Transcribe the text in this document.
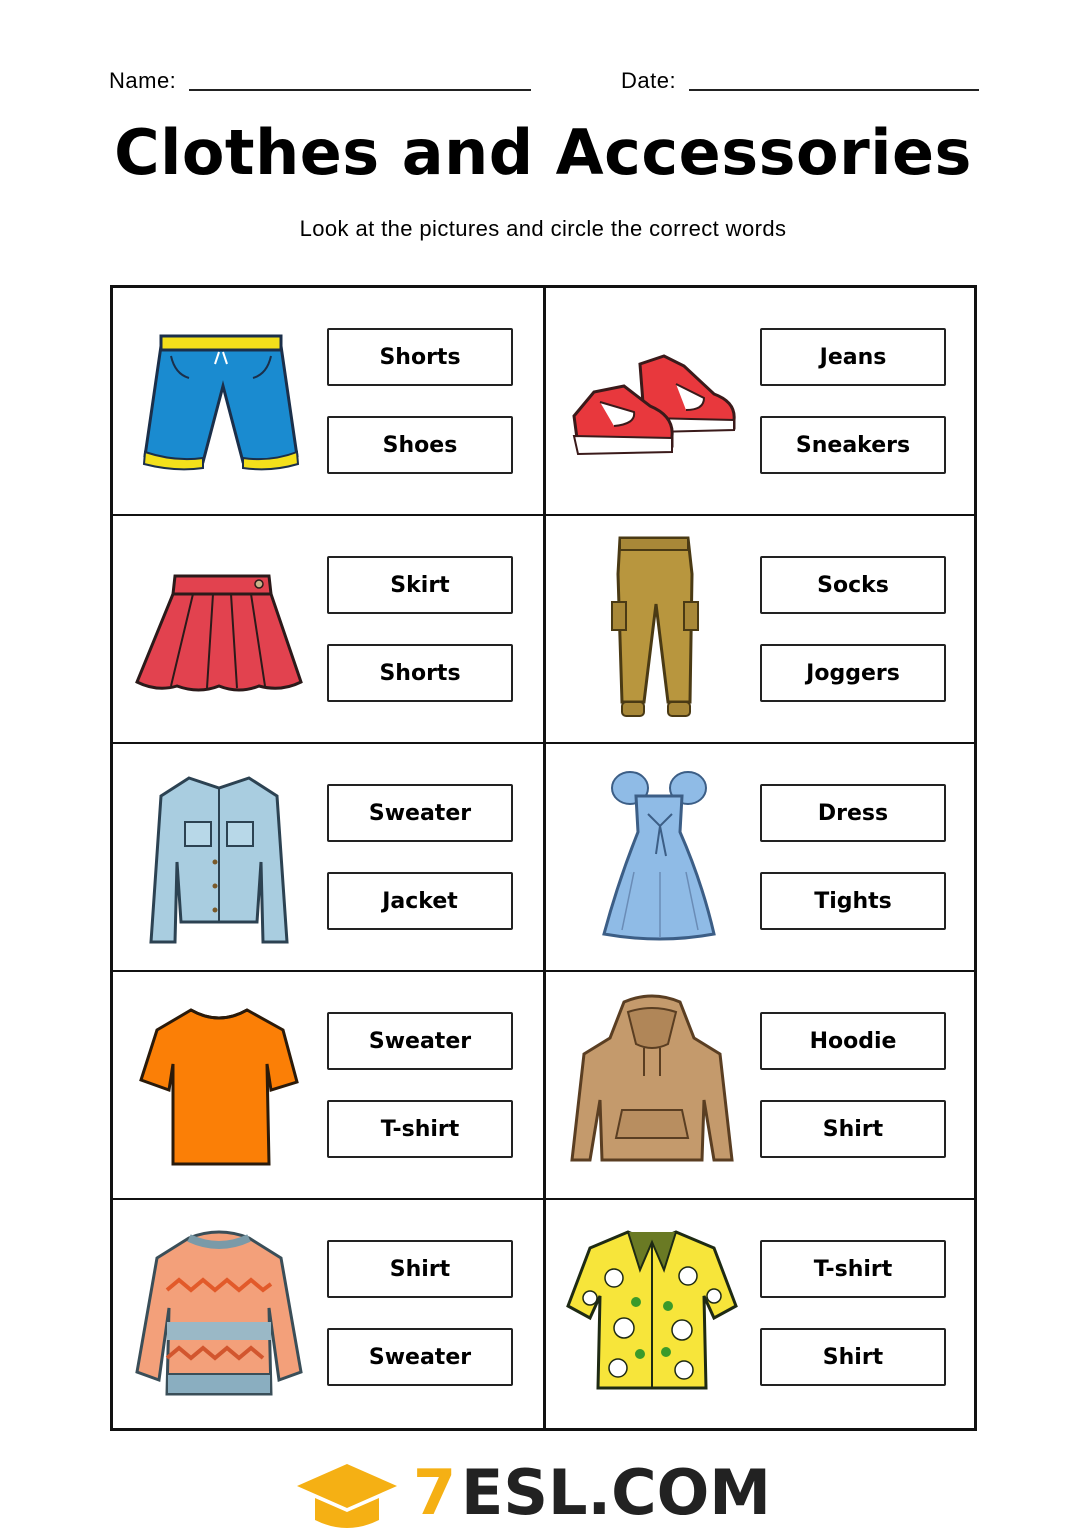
Name:	Date:
Clothes and Accessories
Look at the pictures and circle the correct words
Shorts
Shoes
Jeans
Sneakers
Skirt
Shorts
Socks
Joggers
Sweater
Jacket
Dress
Tights
Sweater
T-shirt
Hoodie
Shirt
Shirt
Sweater
T-shirt
Shirt
7 ESL.COM
